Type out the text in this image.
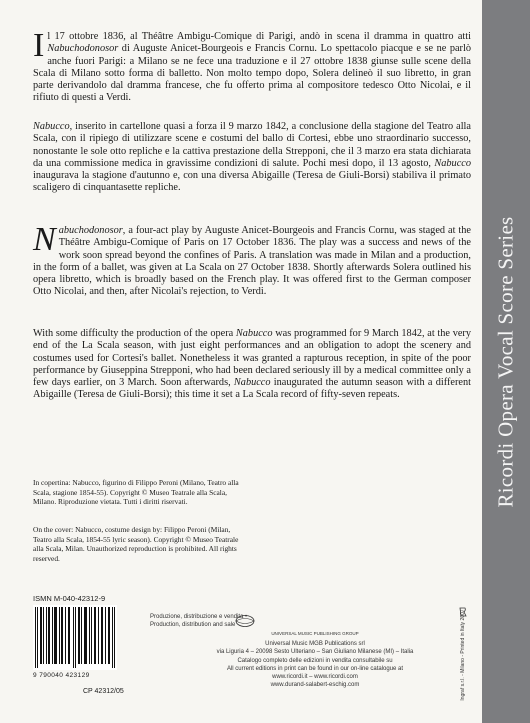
Il 17 ottobre 1836, al Théâtre Ambigu-Comique di Parigi, andò in scena il dramma in quattro atti Nabuchodonosor di Auguste Anicet-Bourgeois e Francis Cornu. Lo spettacolo piacque e se ne parlò anche fuori Parigi: a Milano se ne fece una traduzione e il 27 ottobre 1838 giunse sulle scene della Scala di Milano sotto forma di balletto. Non molto tempo dopo, Solera delineò il suo libretto, in gran parte derivandolo dal dramma francese, che fu offerto prima al compositore tedesco Otto Nicolai, e il rifiuto di questi a Verdi.

Nabucco, inserito in cartellone quasi a forza il 9 marzo 1842, a conclusione della stagione del Teatro alla Scala, con il ripiego di utilizzare scene e costumi del ballo di Cortesi, ebbe uno straordinario successo, nonostante le sole otto repliche e la cattiva prestazione della Strepponi, che il 3 marzo era stata dichiarata da una commissione medica in gravissime condizioni di salute. Pochi mesi dopo, il 13 agosto, Nabucco inaugurava la stagione d'autunno e, con una diversa Abigaille (Teresa de Giuli-Borsi) stabiliva il primato scaligero di cinquantasette repliche.

Nabuchodonosor, a four-act play by Auguste Anicet-Bourgeois and Francis Cornu, was staged at the Théâtre Ambigu-Comique of Paris on 17 October 1836. The play was a success and news of the work soon spread beyond the confines of Paris. A translation was made in Milan and a production, in the form of a ballet, was given at La Scala on 27 October 1838. Shortly afterwards Solera outlined his opera libretto, which is broadly based on the French play. It was offered first to the German composer Otto Nicolai, and then, after Nicolai's rejection, to Verdi.

With some difficulty the production of the opera Nabucco was programmed for 9 March 1842, at the very end of the La Scala season, with just eight performances and an obligation to adopt the scenery and costumes used for Cortesi's ballet. Nonetheless it was granted a rapturous reception, in spite of the poor performance by Giuseppina Strepponi, who had been declared seriously ill by a medical committee only a few days earlier, on 3 March. Soon afterwards, Nabucco inaugurated the autumn season with a different Abigaille (Teresa de Giuli-Borsi); this time it set a La Scala record of fifty-seven repeats.

In copertina: Nabucco, figurino di Filippo Peroni (Milano, Teatro alla Scala, stagione 1854-55). Copyright © Museo Teatrale alla Scala, Milano. Riproduzione vietata. Tutti i diritti riservati.

On the cover: Nabucco, costume design by: Filippo Peroni (Milan, Teatro alla Scala, 1854-55 lyric season). Copyright © Museo Teatrale alla Scala, Milan. Unauthorized reproduction is prohibited. All rights reserved.

ISMN M-040-42312-9
9 790040 423129
CP 42312/05
Produzione, distribuzione e vendita • Production, distribution and sale
UNIVERSAL MUSIC PUBLISHING GROUP
Universal Music MGB Publications srl
via Liguria 4 – 20098 Sesto Ulteriano – San Giuliano Milanese (MI) – Italia
Catalogo completo delle edizioni in vendita consultabile su
All current editions in print can be found in our on-line catalogue at
www.ricordi.it – www.ricordi.com
www.durand-salabert-eschig.com	Ingraf s.r.l. - Milano - Printed in Italy 2007
Ricordi Opera Vocal Score Series
